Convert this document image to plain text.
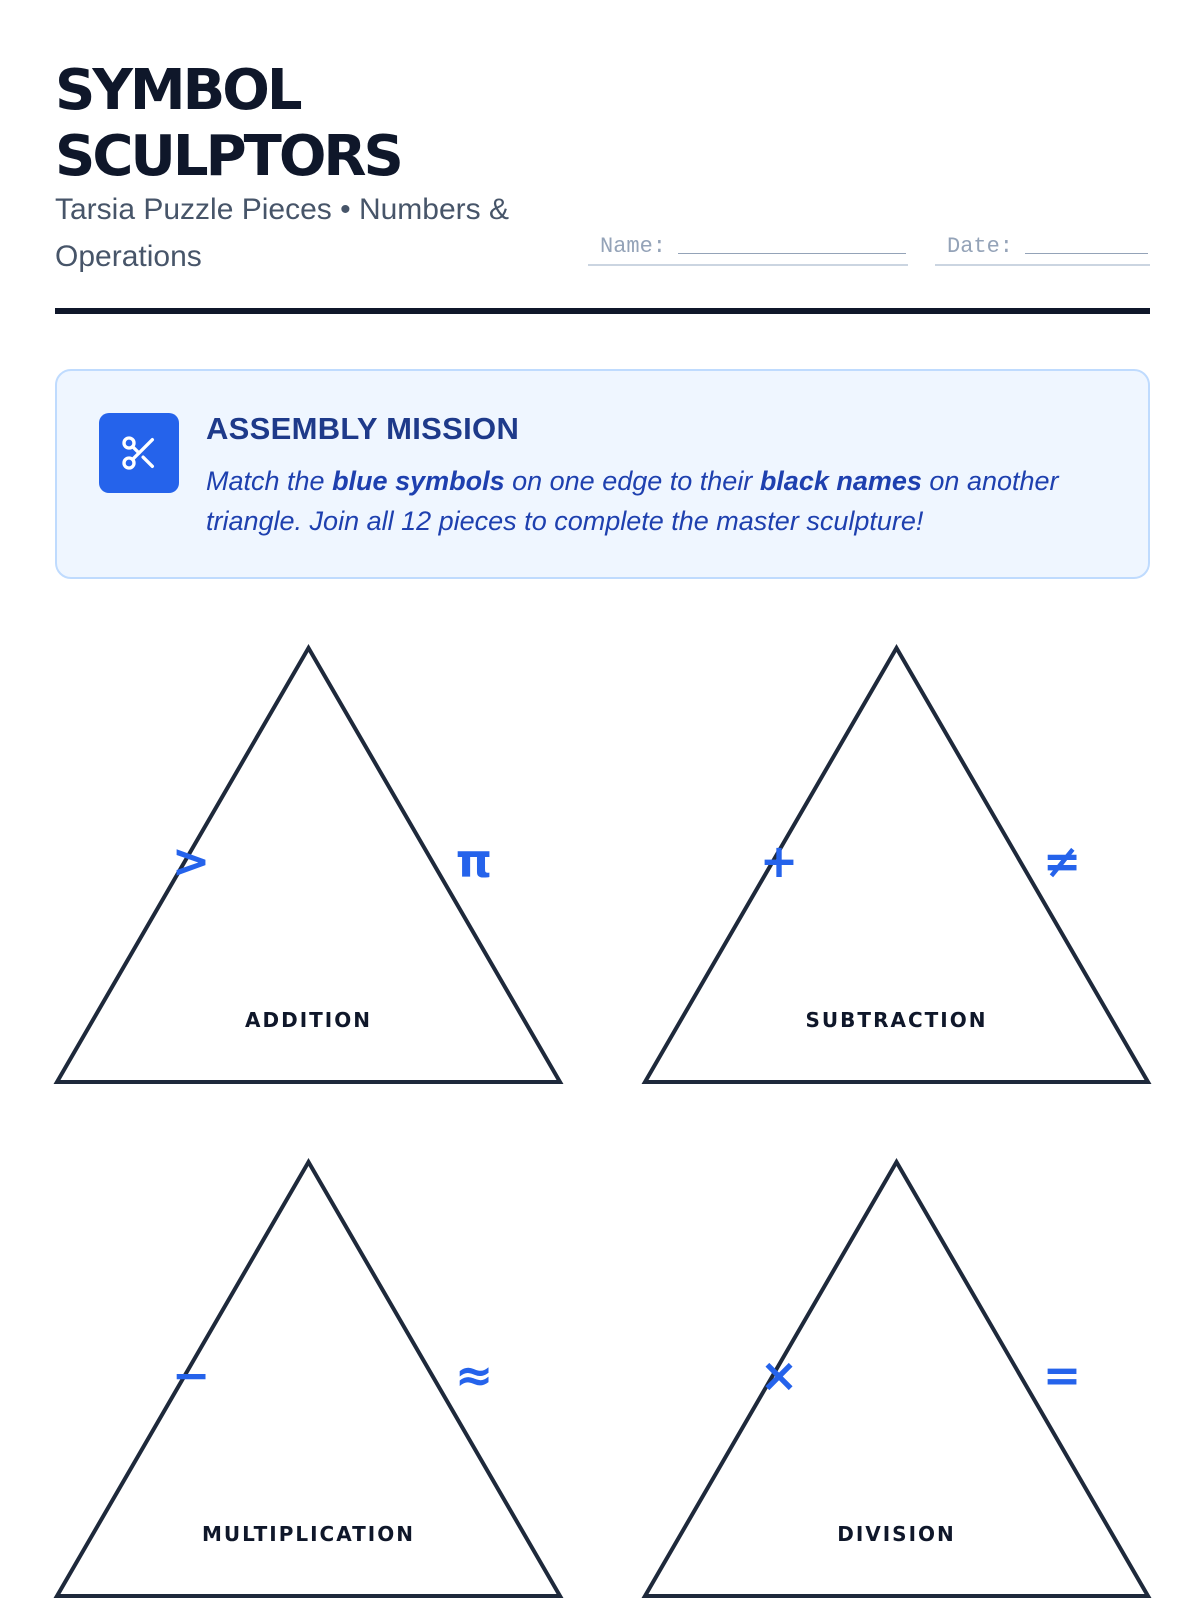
SYMBOL
SCULPTORS
Tarsia Puzzle Pieces • Numbers & Operations	Name:	Date:
ASSEMBLY MISSION
Match the blue symbols on one edge to their black names on another triangle. Join all 12 pieces to complete the master sculpture!
>	π
ADDITION
+	≠
SUBTRACTION
−	≈
MULTIPLICATION
×	=
DIVISION
